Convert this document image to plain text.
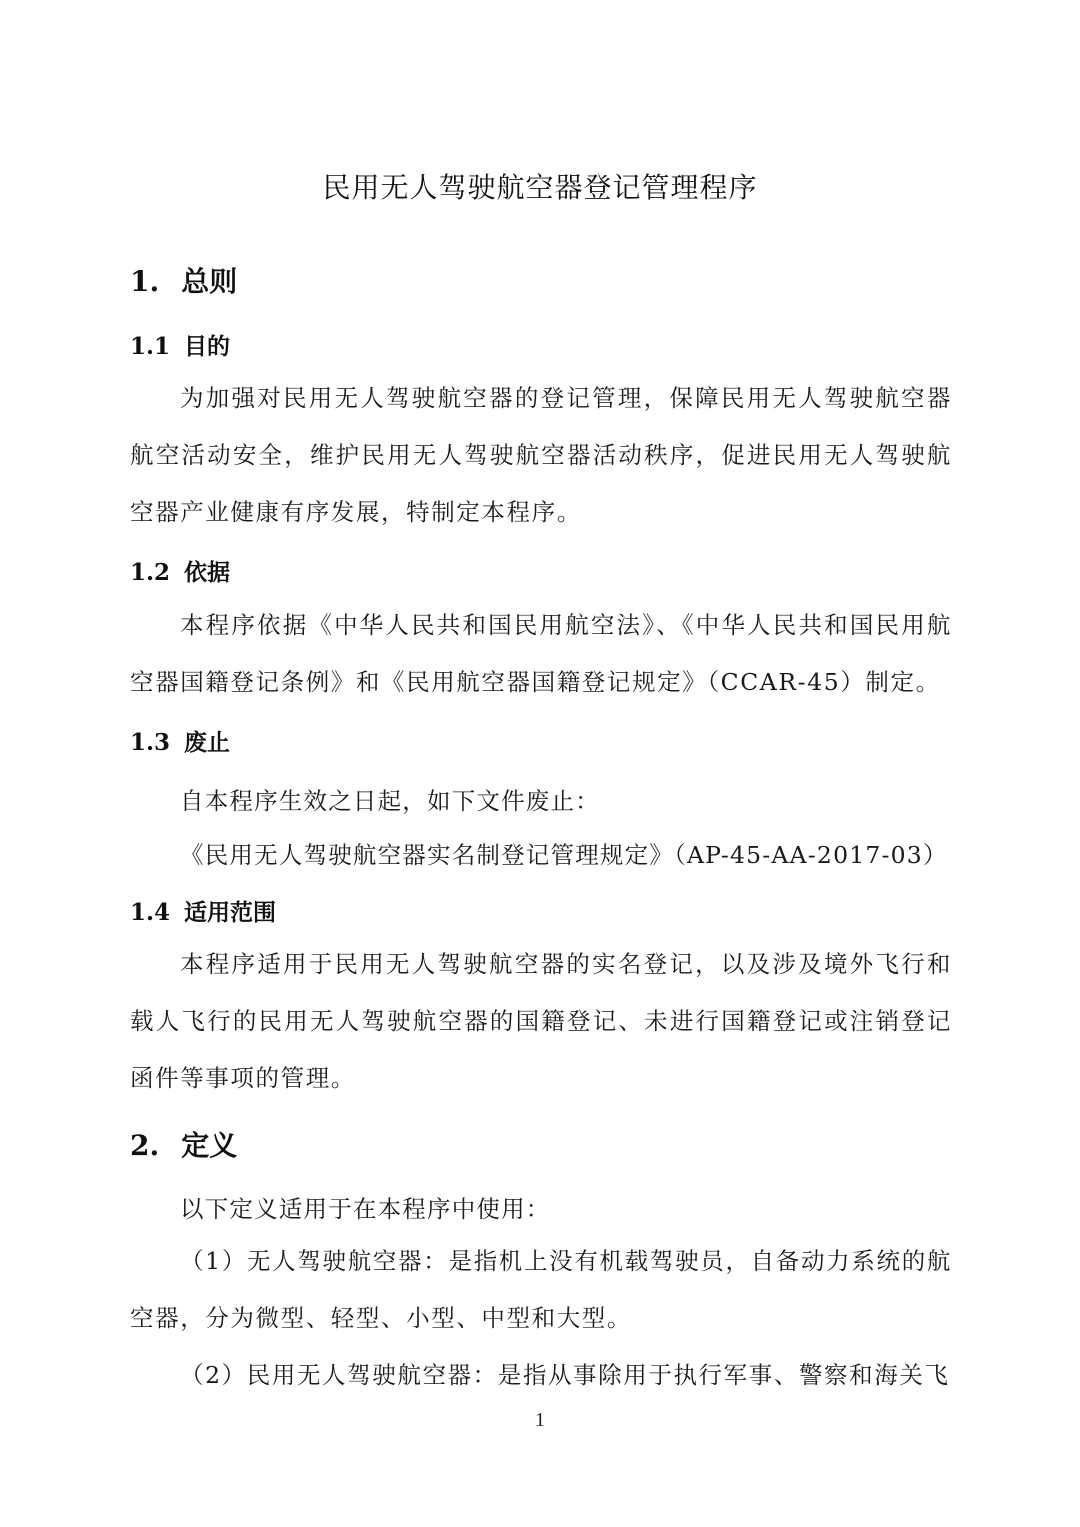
民用无人驾驶航空器登记管理程序
1. 总则
1.1 目的
为加强对民用无人驾驶航空器的登记管理，保障民用无人驾驶航空器航空活动安全，维护民用无人驾驶航空器活动秩序，促进民用无人驾驶航空器产业健康有序发展，特制定本程序。
1.2 依据
本程序依据《中华人民共和国民用航空法》、《中华人民共和国民用航空器国籍登记条例》和《民用航空器国籍登记规定》（CCAR-45）制定。
1.3 废止
自本程序生效之日起，如下文件废止：
《民用无人驾驶航空器实名制登记管理规定》（AP-45-AA-2017-03）
1.4 适用范围
本程序适用于民用无人驾驶航空器的实名登记，以及涉及境外飞行和载人飞行的民用无人驾驶航空器的国籍登记、未进行国籍登记或注销登记函件等事项的管理。
2. 定义
以下定义适用于在本程序中使用：
（1）无人驾驶航空器：是指机上没有机载驾驶员，自备动力系统的航空器，分为微型、轻型、小型、中型和大型。
（2）民用无人驾驶航空器：是指从事除用于执行军事、警察和海关飞
1
